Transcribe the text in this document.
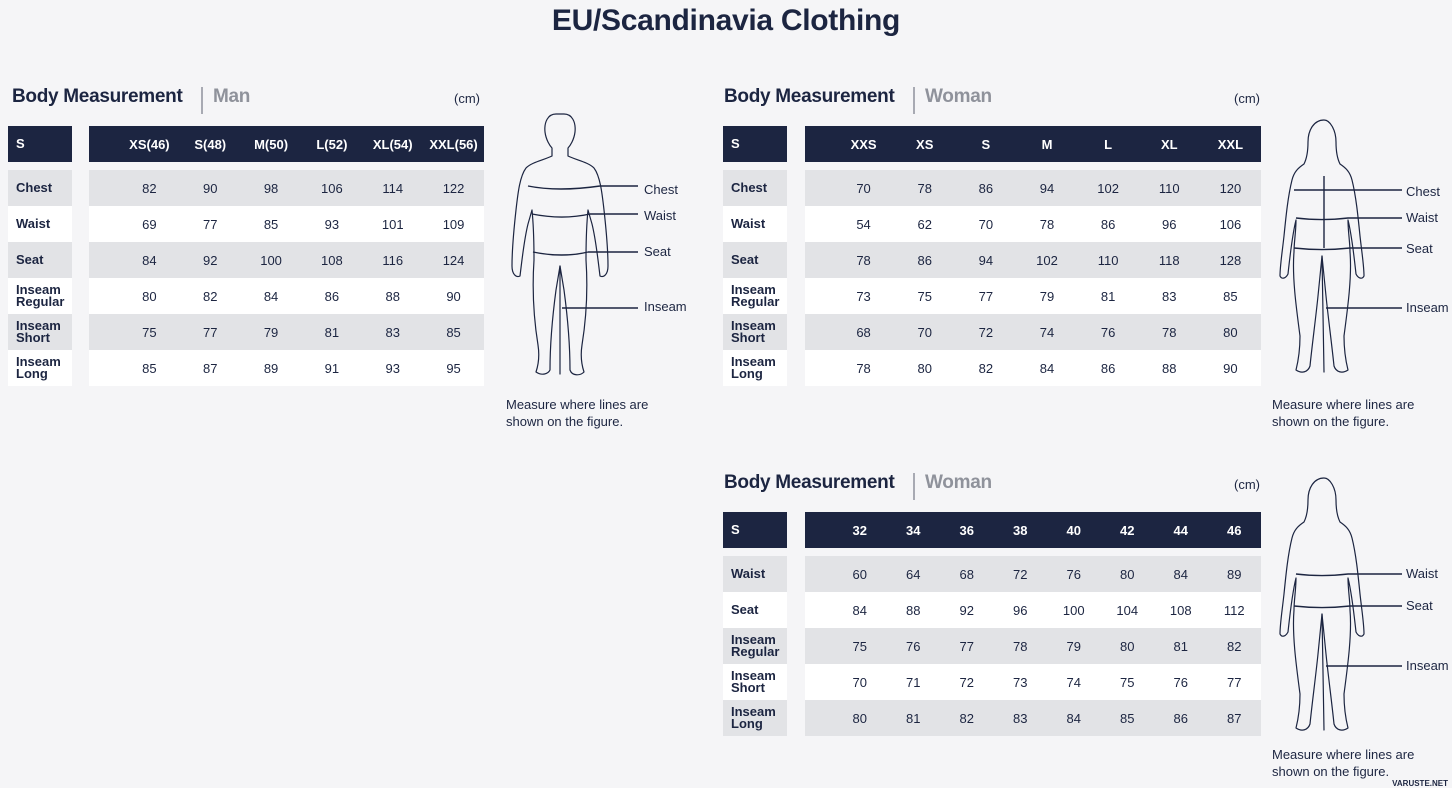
EU/Scandinavia Clothing
Body Measurement Man	(cm)
S	XS(46)	S(48)	M(50)	L(52)	XL(54)	XXL(56)
Chest	82	90	98	106	114	122
Waist	69	77	85	93	101	109
Seat	84	92	100	108	116	124
Inseam
Regular	80	82	84	86	88	90
Inseam
Short	75	77	79	81	83	85
Inseam
Long	85	87	89	91	93	95
Chest
Waist
Seat
Inseam
Measure where lines are
shown on the figure.
Body Measurement Woman	(cm)
S	XXS	XS	S	M	L	XL	XXL
Chest	70	78	86	94	102	110	120
Waist	54	62	70	78	86	96	106
Seat	78	86	94	102	110	118	128
Inseam
Regular	73	75	77	79	81	83	85
Inseam
Short	68	70	72	74	76	78	80
Inseam
Long	78	80	82	84	86	88	90
Chest
Waist
Seat
Inseam
Measure where lines are
shown on the figure.
Body Measurement Woman	(cm)
S	32	34	36	38	40	42	44	46
Waist	60	64	68	72	76	80	84	89
Seat	84	88	92	96	100	104	108	112
Inseam
Regular	75	76	77	78	79	80	81	82
Inseam
Short	70	71	72	73	74	75	76	77
Inseam
Long	80	81	82	83	84	85	86	87
Waist
Seat
Inseam
Measure where lines are
shown on the figure.
VARUSTE.NET
